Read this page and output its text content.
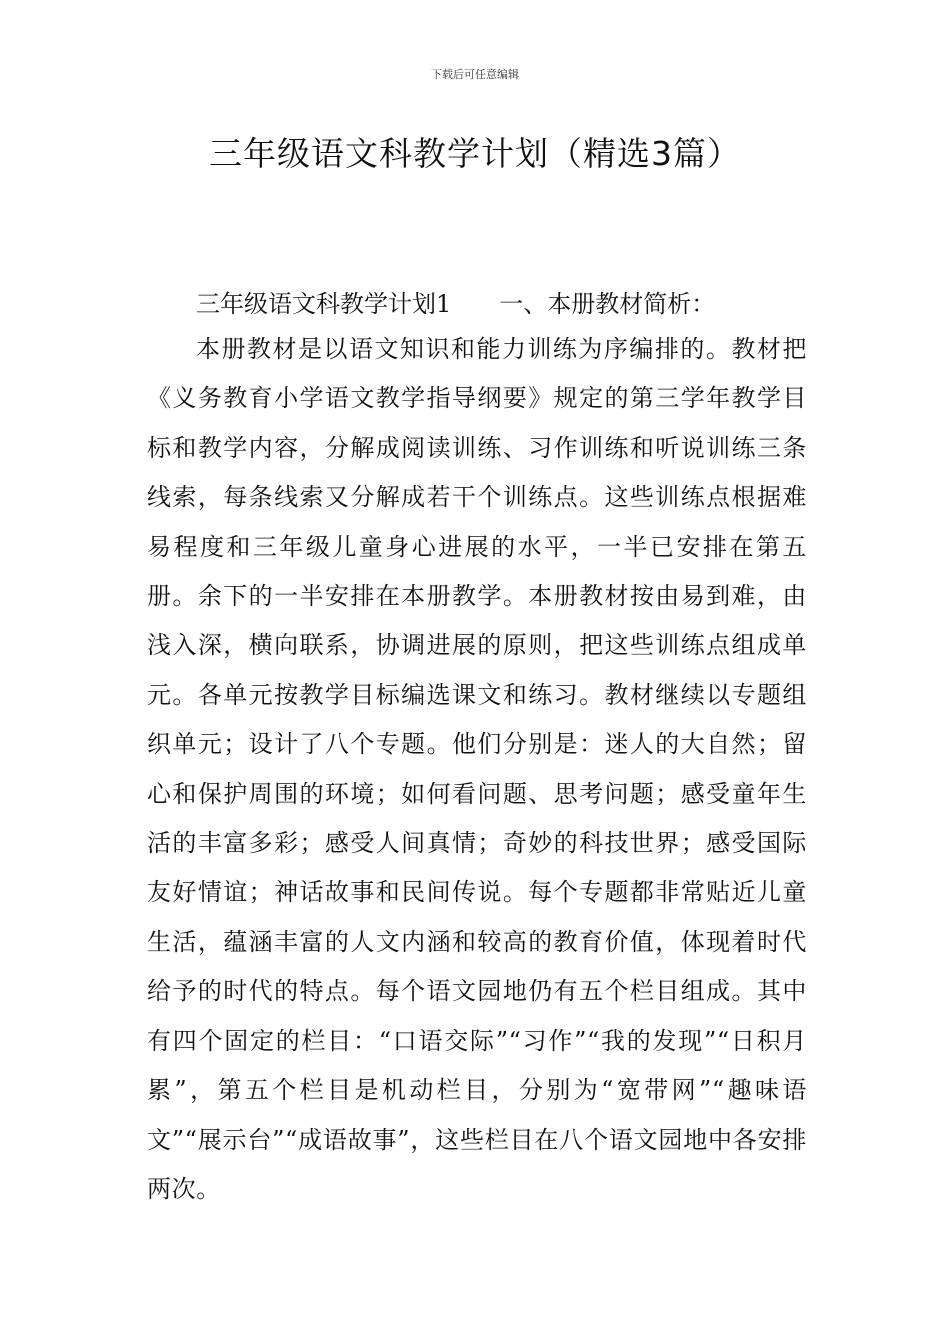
下载后可任意编辑
三年级语文科教学计划（精选3篇）

三年级语文科教学计划1　　一、本册教材简析：

本册教材是以语文知识和能力训练为序编排的。教材把《义务教育小学语文教学指导纲要》规定的第三学年教学目标和教学内容，分解成阅读训练、习作训练和听说训练三条线索，每条线索又分解成若干个训练点。这些训练点根据难易程度和三年级儿童身心进展的水平，一半已安排在第五册。余下的一半安排在本册教学。本册教材按由易到难，由浅入深，横向联系，协调进展的原则，把这些训练点组成单元。各单元按教学目标编选课文和练习。教材继续以专题组织单元；设计了八个专题。他们分别是：迷人的大自然；留心和保护周围的环境；如何看问题、思考问题；感受童年生活的丰富多彩；感受人间真情；奇妙的科技世界；感受国际友好情谊；神话故事和民间传说。每个专题都非常贴近儿童生活，蕴涵丰富的人文内涵和较高的教育价值，体现着时代给予的时代的特点。每个语文园地仍有五个栏目组成。其中有四个固定的栏目：“口语交际”“习作”“我的发现”“日积月累”，第五个栏目是机动栏目，分别为“宽带网”“趣味语文”“展示台”“成语故事”，这些栏目在八个语文园地中各安排两次。
